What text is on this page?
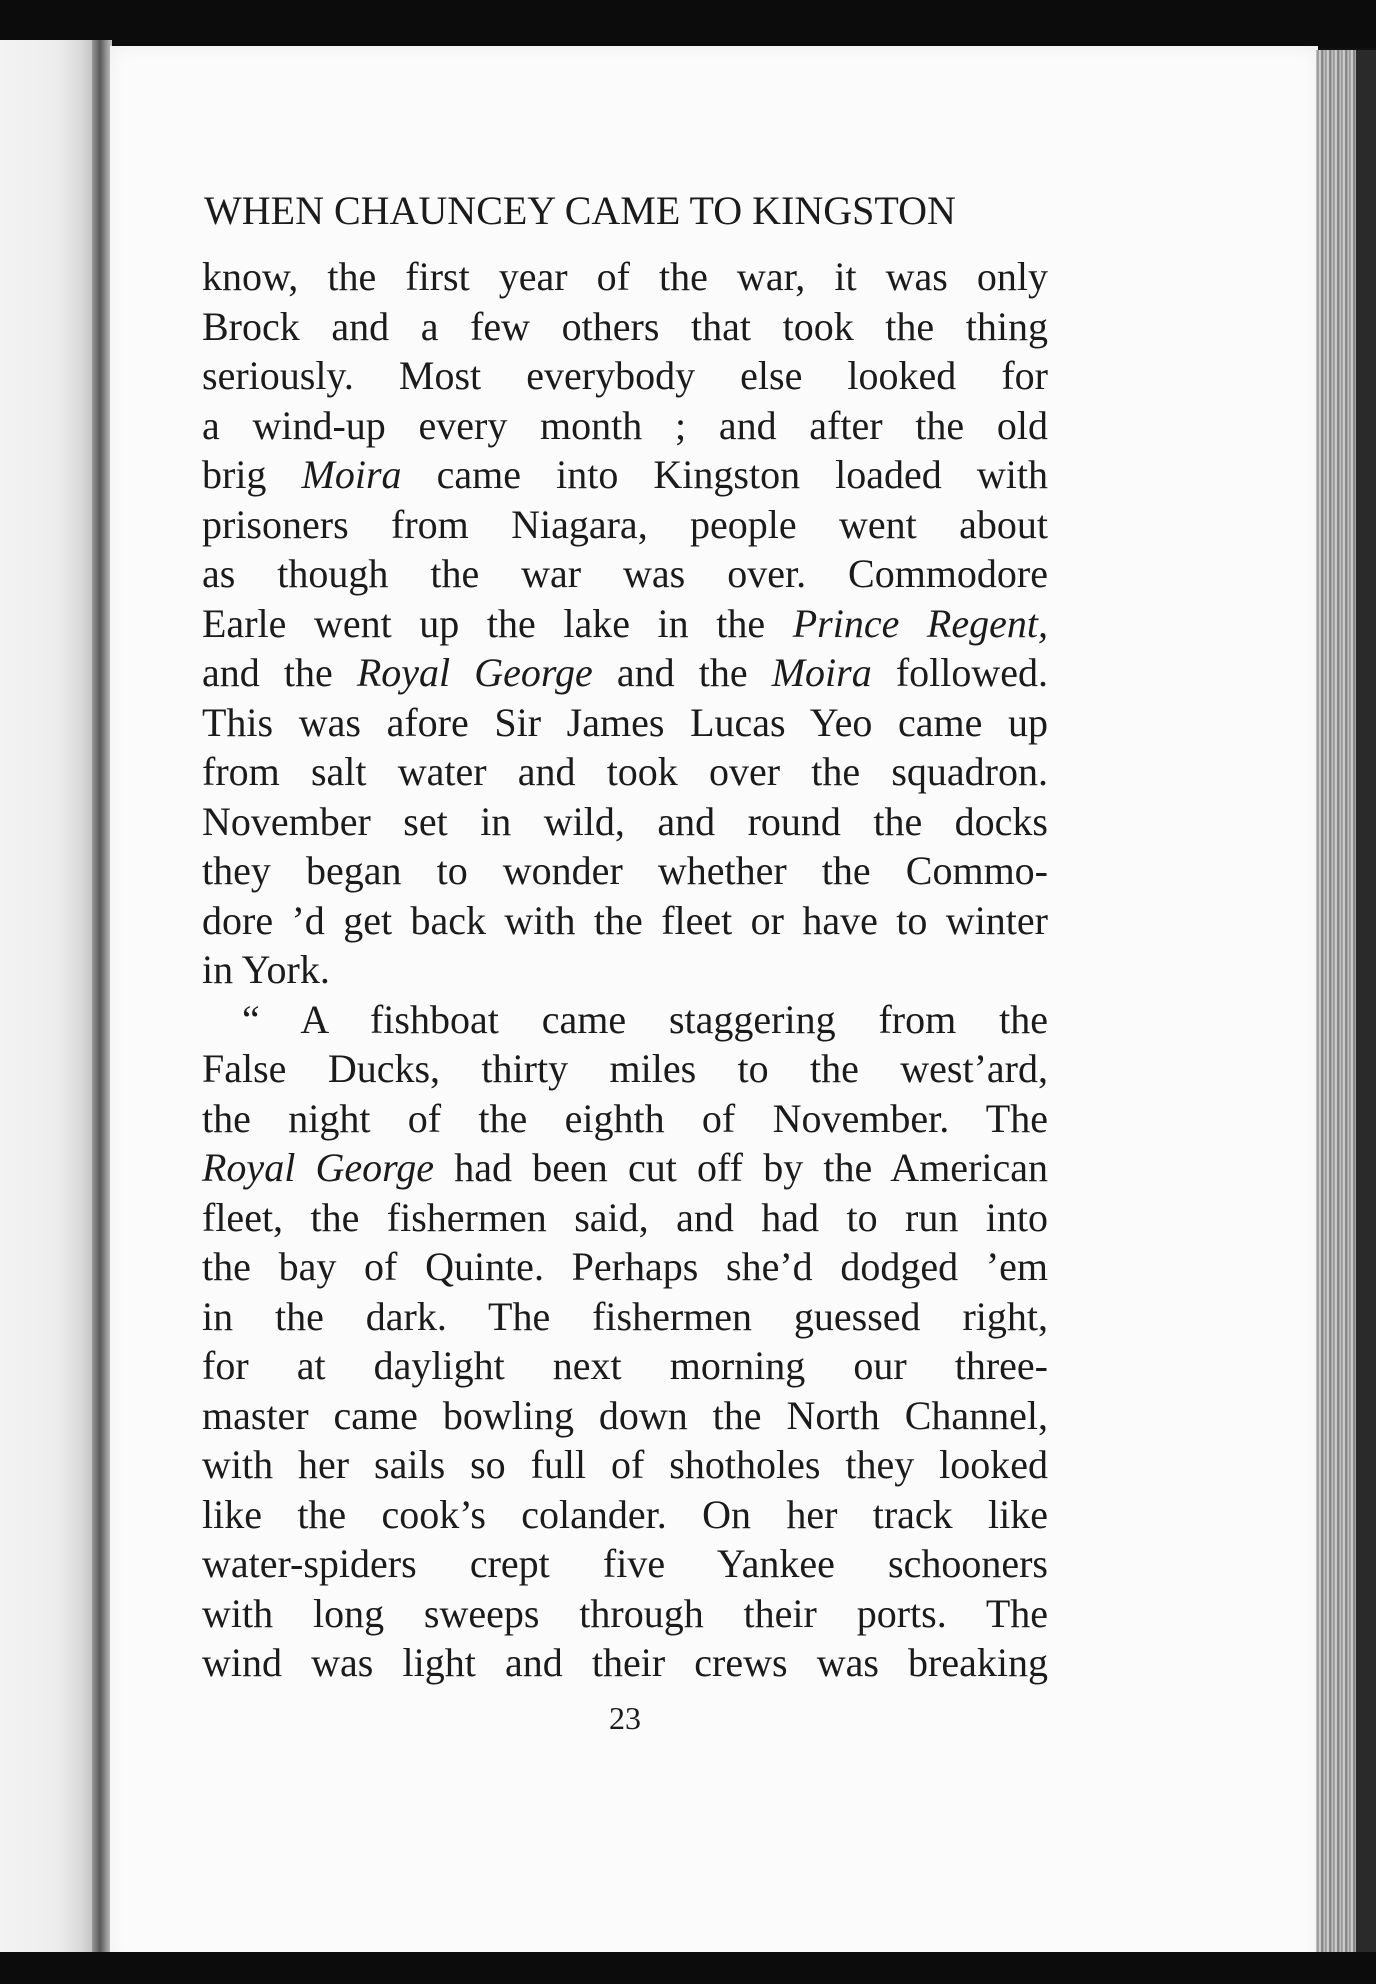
WHEN CHAUNCEY CAME TO KINGSTON
know, the first year of the war, it was only
Brock and a few others that took the thing
seriously. Most everybody else looked for
a wind-up every month ; and after the old
brig Moira came into Kingston loaded with
prisoners from Niagara, people went about
as though the war was over. Commodore
Earle went up the lake in the Prince Regent,
and the Royal George and the Moira followed.
This was afore Sir James Lucas Yeo came up
from salt water and took over the squadron.
November set in wild, and round the docks
they began to wonder whether the Commo-
dore ’d get back with the fleet or have to winter
in York.
“ A fishboat came staggering from the
False Ducks, thirty miles to the west’ard,
the night of the eighth of November. The
Royal George had been cut off by the American
fleet, the fishermen said, and had to run into
the bay of Quinte. Perhaps she’d dodged ’em
in the dark. The fishermen guessed right,
for at daylight next morning our three-
master came bowling down the North Channel,
with her sails so full of shotholes they looked
like the cook’s colander. On her track like
water-spiders crept five Yankee schooners
with long sweeps through their ports. The
wind was light and their crews was breaking
23
